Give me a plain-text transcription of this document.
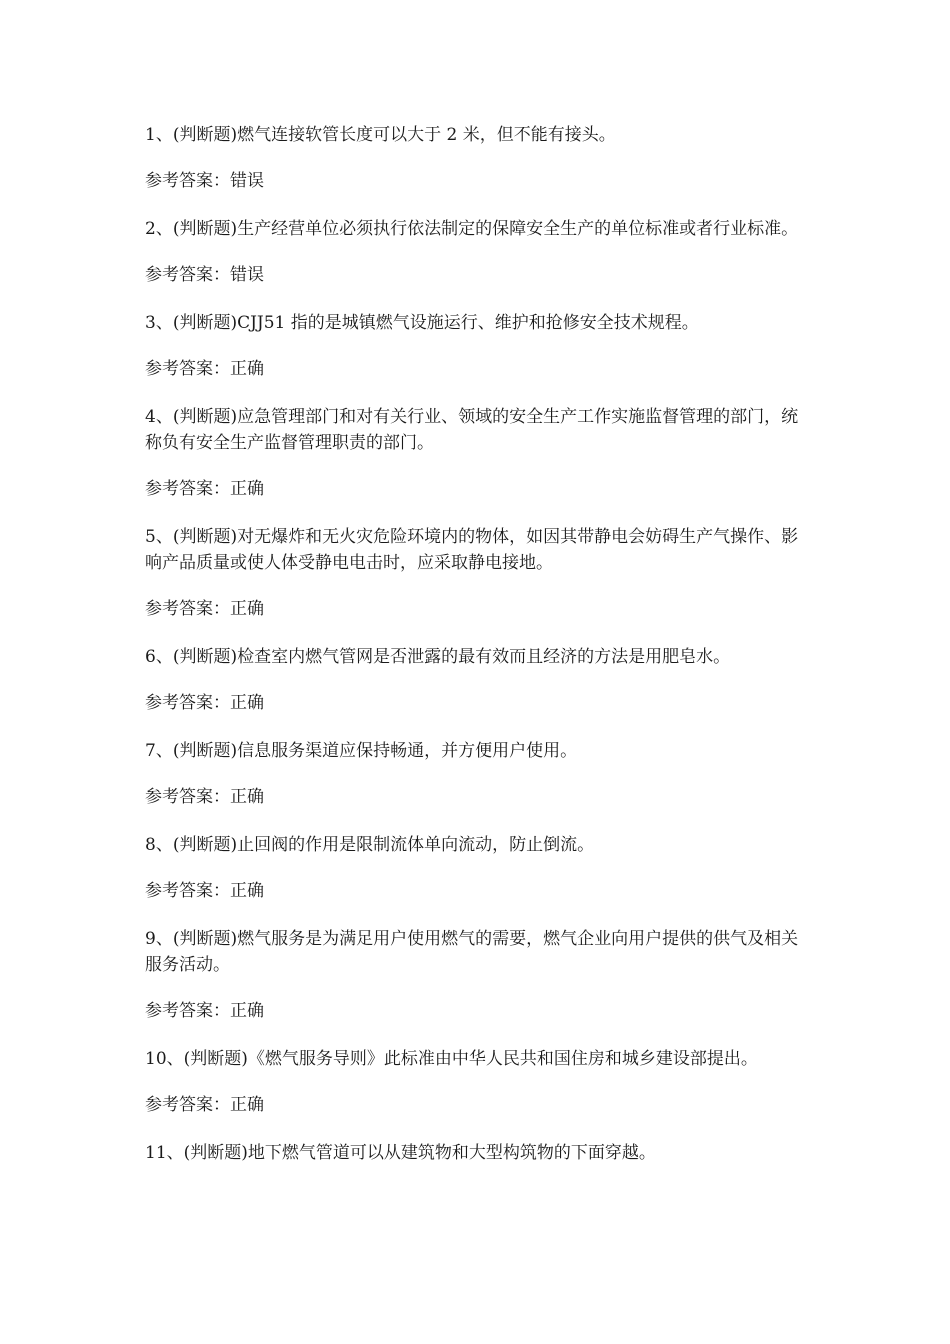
1、(判断题)燃气连接软管长度可以大于 2 米，但不能有接头。

参考答案：错误

2、(判断题)生产经营单位必须执行依法制定的保障安全生产的单位标准或者行业标准。

参考答案：错误

3、(判断题)CJJ51 指的是城镇燃气设施运行、维护和抢修安全技术规程。

参考答案：正确

4、(判断题)应急管理部门和对有关行业、领域的安全生产工作实施监督管理的部门，统称负有安全生产监督管理职责的部门。

参考答案：正确

5、(判断题)对无爆炸和无火灾危险环境内的物体，如因其带静电会妨碍生产气操作、影响产品质量或使人体受静电电击时，应采取静电接地。

参考答案：正确

6、(判断题)检查室内燃气管网是否泄露的最有效而且经济的方法是用肥皂水。

参考答案：正确

7、(判断题)信息服务渠道应保持畅通，并方便用户使用。

参考答案：正确

8、(判断题)止回阀的作用是限制流体单向流动，防止倒流。

参考答案：正确

9、(判断题)燃气服务是为满足用户使用燃气的需要，燃气企业向用户提供的供气及相关服务活动。

参考答案：正确

10、(判断题)《燃气服务导则》此标准由中华人民共和国住房和城乡建设部提出。

参考答案：正确

11、(判断题)地下燃气管道可以从建筑物和大型构筑物的下面穿越。
